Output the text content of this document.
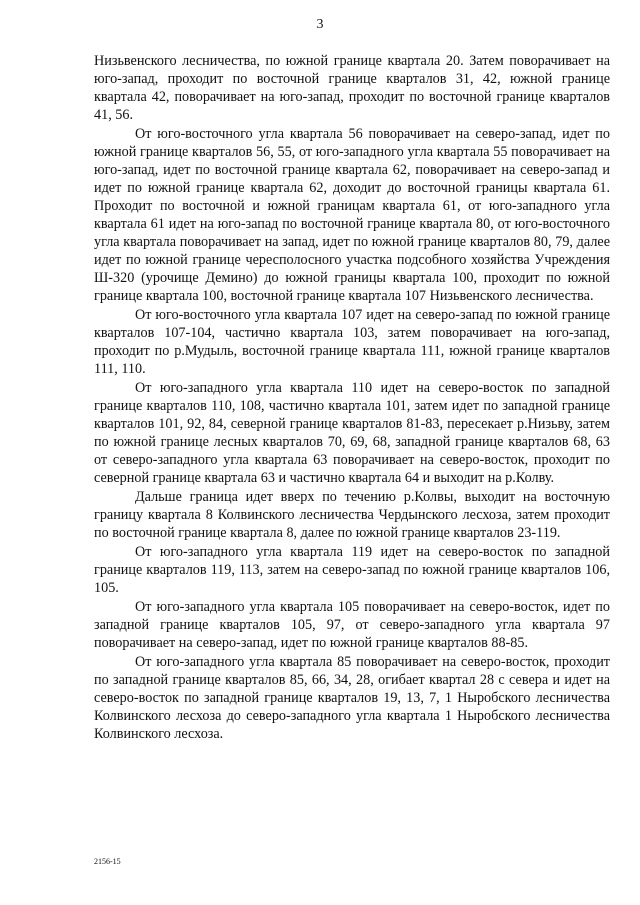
3

Низьвенского лесничества, по южной границе квартала 20. Затем поворачивает на юго-запад, проходит по восточной границе кварталов 31, 42, южной границе квартала 42, поворачивает на юго-запад, проходит по восточной границе кварталов 41, 56.

От юго-восточного угла квартала 56 поворачивает на северо-запад, идет по южной границе кварталов 56, 55, от юго-западного угла квартала 55 поворачивает на юго-запад, идет по восточной границе квартала 62, поворачивает на северо-запад и идет по южной границе квартала 62, доходит до восточной границы квартала 61. Проходит по восточной и южной границам квартала 61, от юго-западного угла квартала 61 идет на юго-запад по восточной границе квартала 80, от юго-восточного угла квартала поворачивает на запад, идет по южной границе кварталов 80, 79, далее идет по южной границе чересполосного участка подсобного хозяйства Учреждения Ш-320 (урочище Демино) до южной границы квартала 100, проходит по южной границе квартала 100, восточной границе квартала 107 Низьвенского лесничества.

От юго-восточного угла квартала 107 идет на северо-запад по южной границе кварталов 107-104, частично квартала 103, затем поворачивает на юго-запад, проходит по р.Мудыль, восточной границе квартала 111, южной границе кварталов 111, 110.

От юго-западного угла квартала 110 идет на северо-восток по западной границе кварталов 110, 108, частично квартала 101, затем идет по западной границе кварталов 101, 92, 84, северной границе кварталов 81-83, пересекает р.Низьву, затем по южной границе лесных кварталов 70, 69, 68, западной границе кварталов 68, 63 от северо-западного угла квартала 63 поворачивает на северо-восток, проходит по северной границе квартала 63 и частично квартала 64 и выходит на р.Колву.

Дальше граница идет вверх по течению р.Колвы, выходит на восточную границу квартала 8 Колвинского лесничества Чердынского лесхоза, затем проходит по восточной границе квартала 8, далее по южной границе кварталов 23-119.

От юго-западного угла квартала 119 идет на северо-восток по западной границе кварталов 119, 113, затем на северо-запад по южной границе кварталов 106, 105.

От юго-западного угла квартала 105 поворачивает на северо-восток, идет по западной границе кварталов 105, 97, от северо-западного угла квартала 97 поворачивает на северо-запад, идет по южной границе кварталов 88-85.

От юго-западного угла квартала 85 поворачивает на северо-восток, проходит по западной границе кварталов 85, 66, 34, 28, огибает квартал 28 с севера и идет на северо-восток по западной границе кварталов 19, 13, 7, 1 Ныробского лесничества Колвинского лесхоза до северо-западного угла квартала 1 Ныробского лесничества Колвинского лесхоза.

2156-15
